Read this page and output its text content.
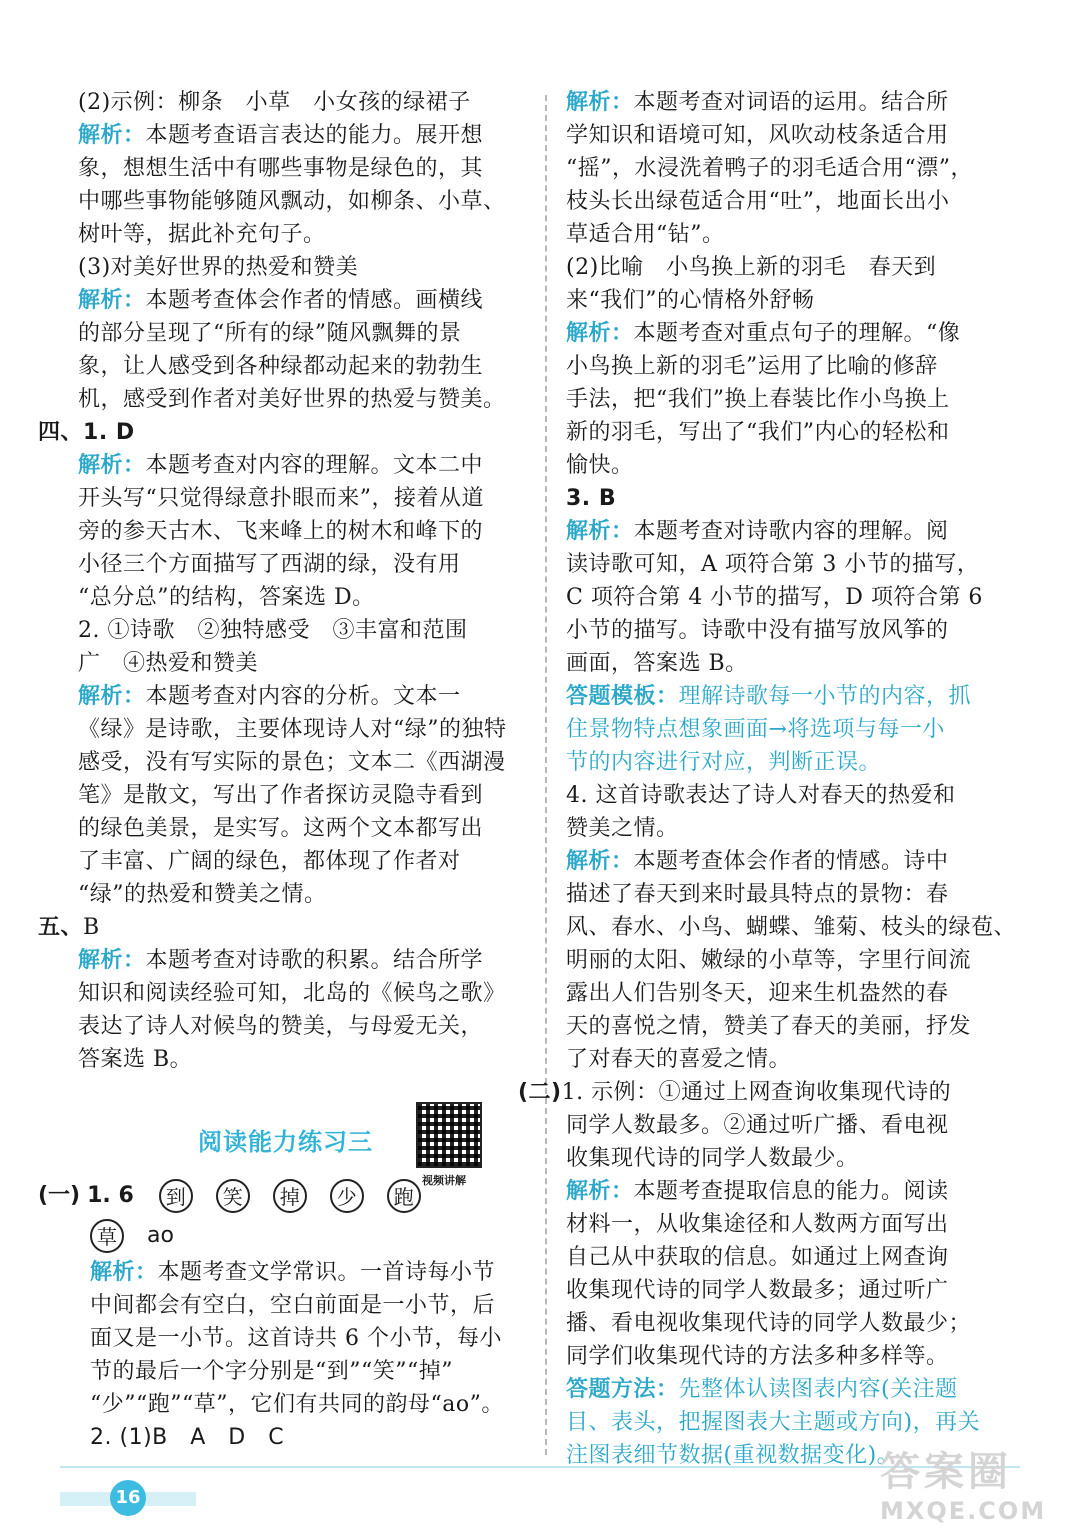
(2)示例：柳条　小草　小女孩的绿裙子
解析：本题考查语言表达的能力。展开想
象，想想生活中有哪些事物是绿色的，其
中哪些事物能够随风飘动，如柳条、小草、
树叶等，据此补充句子。
(3)对美好世界的热爱和赞美
解析：本题考查体会作者的情感。画横线
的部分呈现了“所有的绿”随风飘舞的景
象，让人感受到各种绿都动起来的勃勃生
机，感受到作者对美好世界的热爱与赞美。
四、1. D
解析：本题考查对内容的理解。文本二中
开头写“只觉得绿意扑眼而来”，接着从道
旁的参天古木、飞来峰上的树木和峰下的
小径三个方面描写了西湖的绿，没有用
“总分总”的结构，答案选 D。
2. ①诗歌　②独特感受　③丰富和范围
广　④热爱和赞美
解析：本题考查对内容的分析。文本一
《绿》是诗歌，主要体现诗人对“绿”的独特
感受，没有写实际的景色；文本二《西湖漫
笔》是散文，写出了作者探访灵隐寺看到
的绿色美景，是实写。这两个文本都写出
了丰富、广阔的绿色，都体现了作者对
“绿”的热爱和赞美之情。
五、B
解析：本题考查对诗歌的积累。结合所学
知识和阅读经验可知，北岛的《候鸟之歌》
表达了诗人对候鸟的赞美，与母爱无关，
答案选 B。
阅读能力练习三
视频讲解
(一) 1. 6 到 笑 掉 少 跑
草 ao
解析：本题考查文学常识。一首诗每小节
中间都会有空白，空白前面是一小节，后
面又是一小节。这首诗共 6 个小节，每小
节的最后一个字分别是“到”“笑”“掉”
“少”“跑”“草”，它们有共同的韵母“ao”。
2. (1)B　A　D　C
解析：本题考查对词语的运用。结合所
学知识和语境可知，风吹动枝条适合用
“摇”，水浸洗着鸭子的羽毛适合用“漂”，
枝头长出绿苞适合用“吐”，地面长出小
草适合用“钻”。
(2)比喻　小鸟换上新的羽毛　春天到
来“我们”的心情格外舒畅
解析：本题考查对重点句子的理解。“像
小鸟换上新的羽毛”运用了比喻的修辞
手法，把“我们”换上春装比作小鸟换上
新的羽毛，写出了“我们”内心的轻松和
愉快。
3. B
解析：本题考查对诗歌内容的理解。阅
读诗歌可知，A 项符合第 3 小节的描写，
C 项符合第 4 小节的描写，D 项符合第 6
小节的描写。诗歌中没有描写放风筝的
画面，答案选 B。
答题模板：理解诗歌每一小节的内容，抓
住景物特点想象画面→将选项与每一小
节的内容进行对应，判断正误。
4. 这首诗歌表达了诗人对春天的热爱和
赞美之情。
解析：本题考查体会作者的情感。诗中
描述了春天到来时最具特点的景物：春
风、春水、小鸟、蝴蝶、雏菊、枝头的绿苞、
明丽的太阳、嫩绿的小草等，字里行间流
露出人们告别冬天，迎来生机盎然的春
天的喜悦之情，赞美了春天的美丽，抒发
了对春天的喜爱之情。
(二)1. 示例：①通过上网查询收集现代诗的
同学人数最多。②通过听广播、看电视
收集现代诗的同学人数最少。
解析：本题考查提取信息的能力。阅读
材料一，从收集途径和人数两方面写出
自己从中获取的信息。如通过上网查询
收集现代诗的同学人数最多；通过听广
播、看电视收集现代诗的同学人数最少；
同学们收集现代诗的方法多种多样等。
答题方法：先整体认读图表内容(关注题
目、表头，把握图表大主题或方向)，再关
注图表细节数据(重视数据变化)。
16
答案圈
MXQE.COM
